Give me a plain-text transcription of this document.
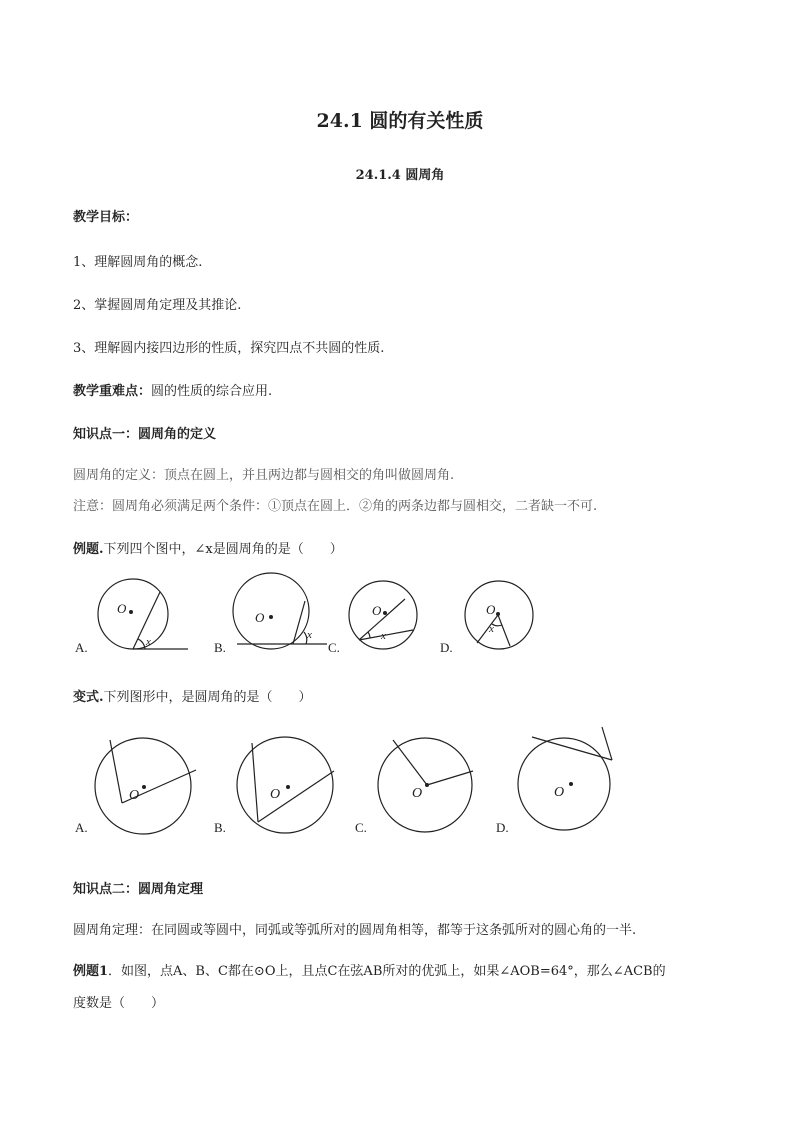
24.1 圆的有关性质
24.1.4 圆周角
教学目标：
1、理解圆周角的概念.
2、掌握圆周角定理及其推论.
3、理解圆内接四边形的性质，探究四点不共圆的性质.
教学重难点：圆的性质的综合应用.
知识点一：圆周角的定义
圆周角的定义：顶点在圆上，并且两边都与圆相交的角叫做圆周角.
注意：圆周角必须满足两个条件：①顶点在圆上．②角的两条边都与圆相交，二者缺一不可.
例题.下列四个图中，∠x是圆周角的是（　　）
O
x
O
x
O
x
O
x
A.	B.	C.	D.
变式.下列图形中，是圆周角的是（　　）
O	O	O	O
A.	B.	C.	D.
知识点二：圆周角定理
圆周角定理：在同圆或等圆中，同弧或等弧所对的圆周角相等，都等于这条弧所对的圆心角的一半.
例题1．如图，点A、B、C都在⊙O上，且点C在弦AB所对的优弧上，如果∠AOB=64°，那么∠ACB的
度数是（　　）
